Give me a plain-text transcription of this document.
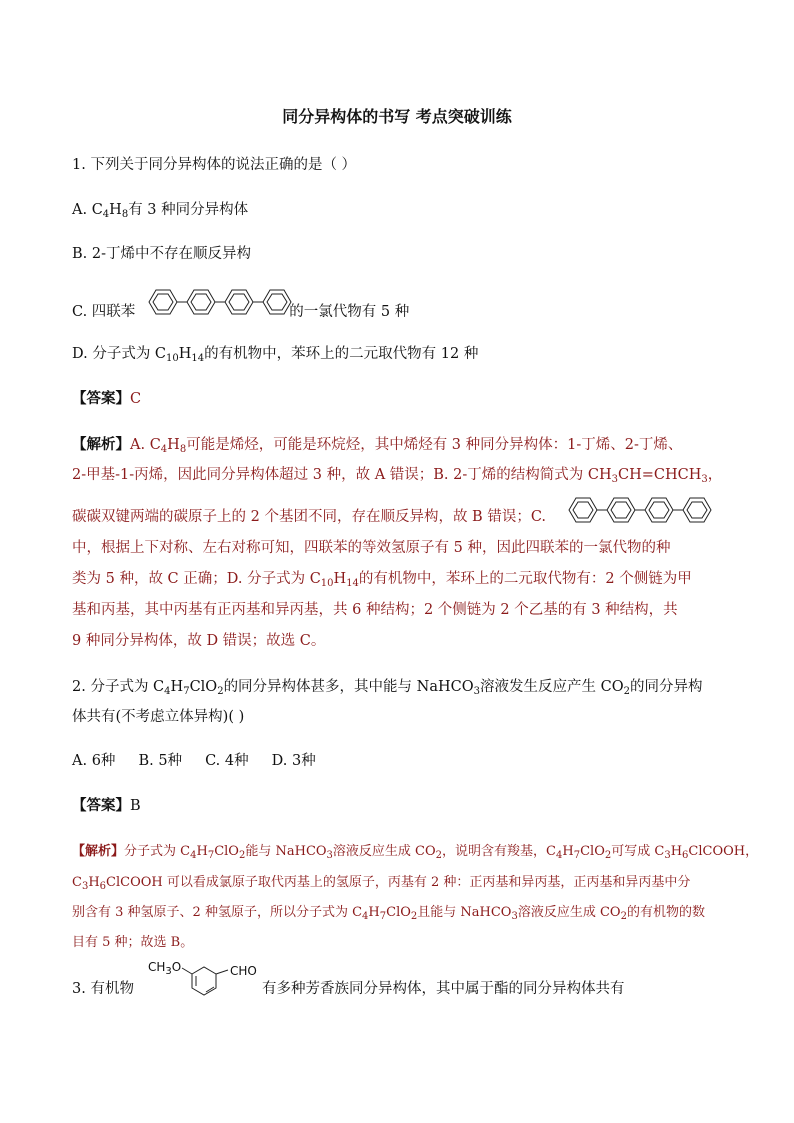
同分异构体的书写 考点突破训练
1. 下列关于同分异构体的说法正确的是（ ）
A. $C_4H_8$有 3 种同分异构体
B. 2-丁烯中不存在顺反异构
C. 四联苯	的一氯代物有 5 种
D. 分子式为 $C_{10}H_{14}$的有机物中，苯环上的二元取代物有 12 种
【答案】C
【解析】A. $C_4H_8$可能是烯烃，可能是环烷烃，其中烯烃有 3 种同分异构体：1-丁烯、2-丁烯、
2-甲基-1-丙烯，因此同分异构体超过 3 种，故 A 错误；B. 2-丁烯的结构简式为 $CH_3CH=CHCH_3$，
碳碳双键两端的碳原子上的 2 个基团不同，存在顺反异构，故 B 错误；C.
中，根据上下对称、左右对称可知，四联苯的等效氢原子有 5 种，因此四联苯的一氯代物的种
类为 5 种，故 C 正确；D. 分子式为 $C_{10}H_{14}$的有机物中，苯环上的二元取代物有：2 个侧链为甲
基和丙基，其中丙基有正丙基和异丙基，共 6 种结构；2 个侧链为 2 个乙基的有 3 种结构，共
9 种同分异构体，故 D 错误；故选 C。
2. 分子式为 $C_4H_7ClO_2$的同分异构体甚多，其中能与 NaHCO$_3$溶液发生反应产生 $CO_2$的同分异构
体共有(不考虑立体异构)( )
A. 6种     B. 5种     C. 4种     D. 3种
【答案】B
【解析】分子式为 $C_4H_7ClO_2$能与 NaHCO$_3$溶液反应生成 $CO_2$，说明含有羧基，$C_4H_7ClO_2$可写成 $C_3H_6ClCOOH$，
$C_3H_6ClCOOH$ 可以看成氯原子取代丙基上的氢原子，丙基有 2 种：正丙基和异丙基，正丙基和异丙基中分
别含有 3 种氢原子、2 种氢原子，所以分子式为 $C_4H_7ClO_2$且能与 NaHCO$_3$溶液反应生成 $CO_2$的有机物的数
目有 5 种；故选 B。
3. 有机物	有多种芳香族同分异构体，其中属于酯的同分异构体共有
$CH_3O$	CHO
